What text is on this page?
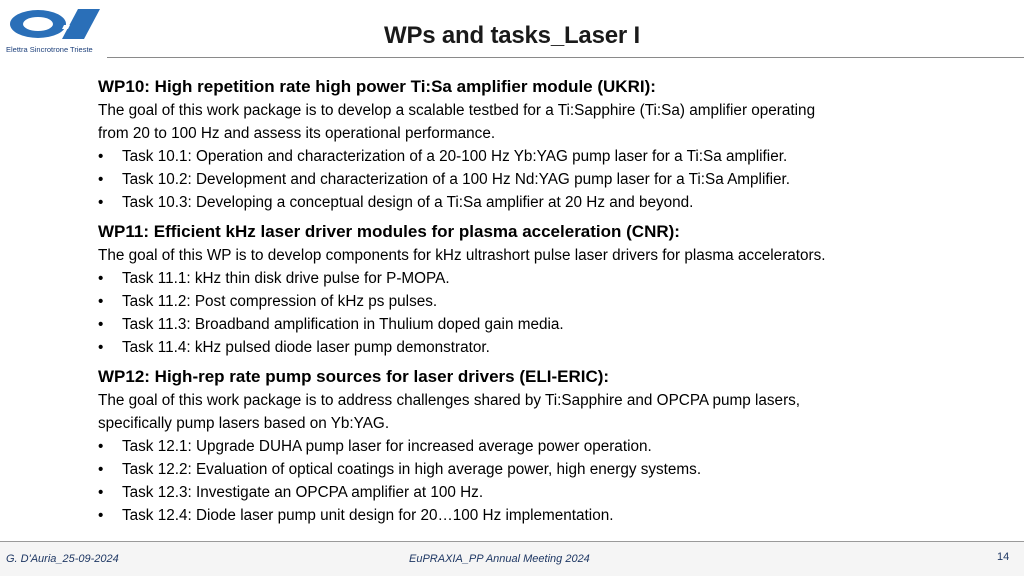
Elettra Sincrotrone Trieste
WPs and tasks_Laser I
WP10: High repetition rate high power Ti:Sa amplifier module (UKRI):
The goal of this work package is to develop a scalable testbed for a Ti:Sapphire (Ti:Sa) amplifier operating
from 20 to 100 Hz and assess its operational performance.
•	Task 10.1: Operation and characterization of a 20-100 Hz Yb:YAG pump laser for a Ti:Sa amplifier.
•	Task 10.2: Development and characterization of a 100 Hz Nd:YAG pump laser for a Ti:Sa Amplifier.
•	Task 10.3: Developing a conceptual design of a Ti:Sa amplifier at 20 Hz and beyond.
WP11: Efficient kHz laser driver modules for plasma acceleration (CNR):
The goal of this WP is to develop components for kHz ultrashort pulse laser drivers for plasma accelerators.
•	Task 11.1: kHz thin disk drive pulse for P-MOPA.
•	Task 11.2: Post compression of kHz ps pulses.
•	Task 11.3: Broadband amplification in Thulium doped gain media.
•	Task 11.4: kHz pulsed diode laser pump demonstrator.
WP12: High-rep rate pump sources for laser drivers (ELI-ERIC):
The goal of this work package is to address challenges shared by Ti:Sapphire and OPCPA pump lasers,
specifically pump lasers based on Yb:YAG.
•	Task 12.1: Upgrade DUHA pump laser for increased average power operation.
•	Task 12.2: Evaluation of optical coatings in high average power, high energy systems.
•	Task 12.3: Investigate an OPCPA amplifier at 100 Hz.
•	Task 12.4: Diode laser pump unit design for 20…100 Hz implementation.
G. D'Auria_25-09-2024	EuPRAXIA_PP Annual Meeting 2024	14
